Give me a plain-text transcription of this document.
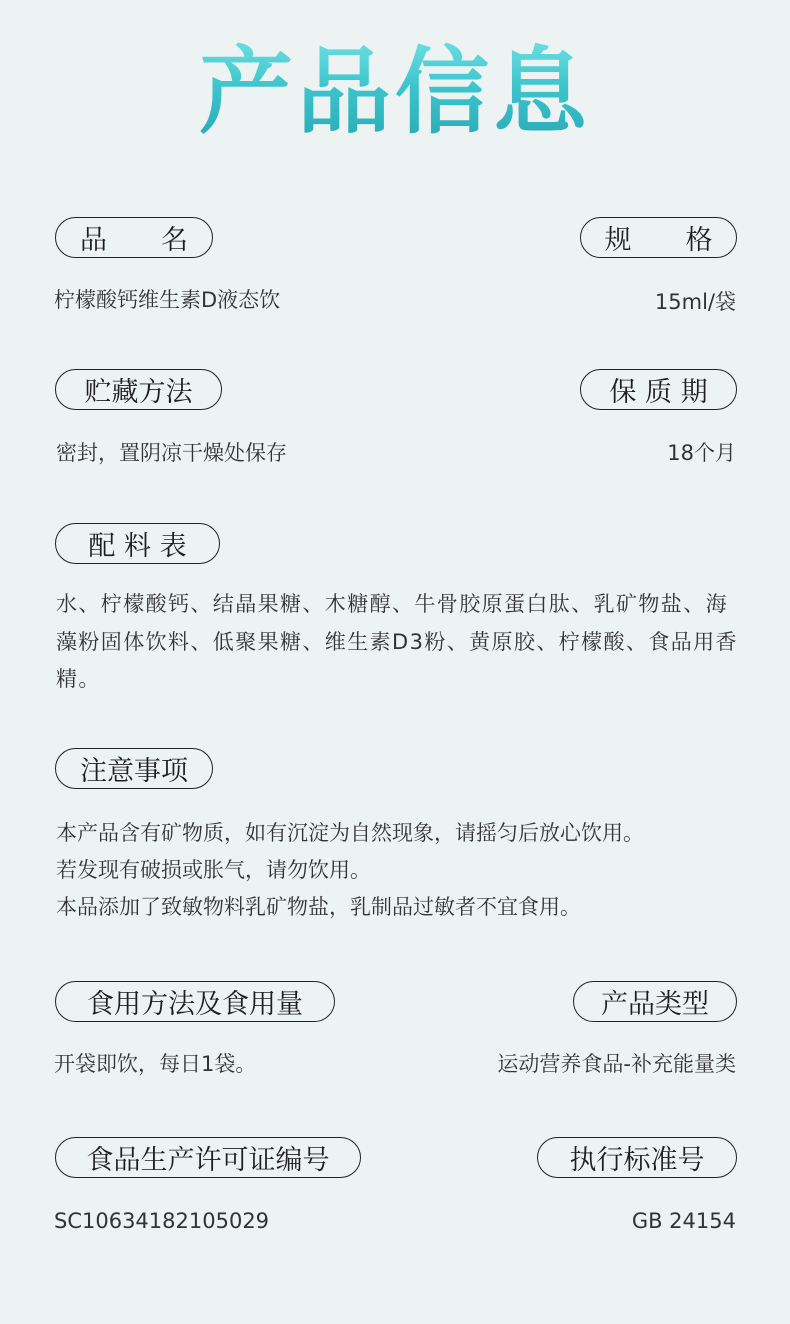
产品信息
品　　名	规　　格
柠檬酸钙维生素D液态饮	15ml/袋
贮藏方法	保 质 期
密封，置阴凉干燥处保存	18个月
配 料 表
水、柠檬酸钙、结晶果糖、木糖醇、牛骨胶原蛋白肽、乳矿物盐、海藻粉固体饮料、低聚果糖、维生素D3粉、黄原胶、柠檬酸、食品用香精。
注意事项
本产品含有矿物质，如有沉淀为自然现象，请摇匀后放心饮用。
若发现有破损或胀气，请勿饮用。
本品添加了致敏物料乳矿物盐，乳制品过敏者不宜食用。
食用方法及食用量	产品类型
开袋即饮，每日1袋。	运动营养食品-补充能量类
食品生产许可证编号	执行标准号
SC10634182105029	GB 24154
